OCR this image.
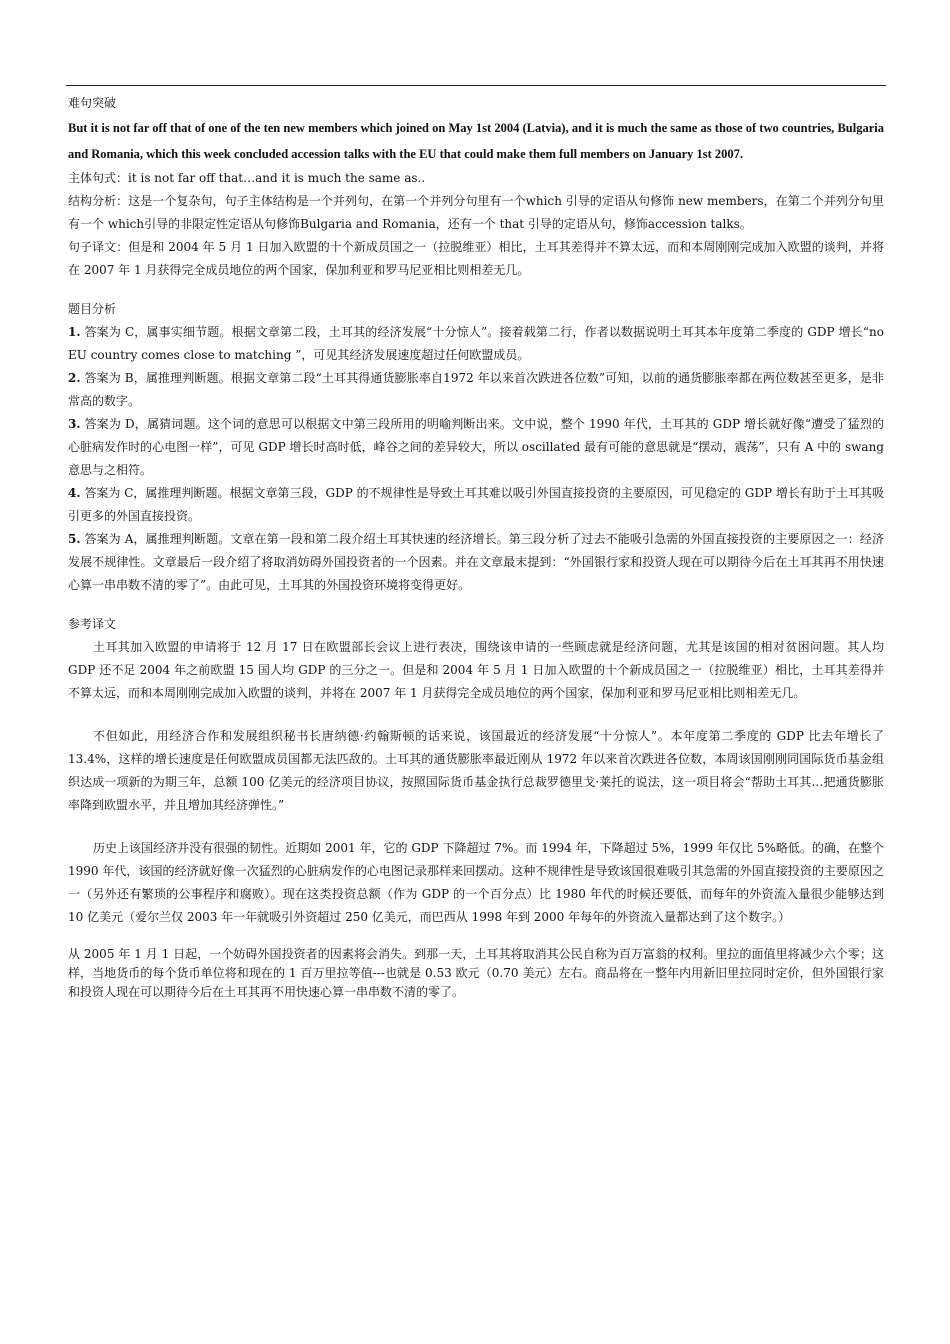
难句突破

But it is not far off that of one of the ten new members which joined on May 1st 2004 (Latvia), and it is much the same as those of two countries, Bulgaria and Romania, which this week concluded accession talks with the EU that could make them full members on January 1st 2007.

主体句式：it is not far off that…and it is much the same as..

结构分析：这是一个复杂句，句子主体结构是一个并列句，在第一个并列分句里有一个which 引导的定语从句修饰 new members，在第二个并列分句里有一个 which引导的非限定性定语从句修饰Bulgaria and Romania，还有一个 that 引导的定语从句，修饰accession talks。

句子译文：但是和 2004 年 5 月 1 日加入欧盟的十个新成员国之一（拉脱维亚）相比，土耳其差得并不算太远，而和本周刚刚完成加入欧盟的谈判，并将在 2007 年 1 月获得完全成员地位的两个国家，保加利亚和罗马尼亚相比则相差无几。

题目分析

1. 答案为 C，属事实细节题。根据文章第二段，土耳其的经济发展“十分惊人”。接着载第二行，作者以数据说明土耳其本年度第二季度的 GDP 增长“no EU country comes close to matching ”，可见其经济发展速度超过任何欧盟成员。

2. 答案为 B，属推理判断题。根据文章第二段“土耳其得通货膨胀率自1972 年以来首次跌进各位数”可知，以前的通货膨胀率都在两位数甚至更多，是非常高的数字。

3. 答案为 D，属猜词题。这个词的意思可以根据文中第三段所用的明喻判断出来。文中说，整个 1990 年代，土耳其的 GDP 增长就好像“遭受了猛烈的心脏病发作时的心电图一样”，可见 GDP 增长时高时低，峰谷之间的差异较大，所以 oscillated 最有可能的意思就是“摆动，震荡”，只有 A 中的 swang 意思与之相符。

4. 答案为 C，属推理判断题。根据文章第三段，GDP 的不规律性是导致土耳其难以吸引外国直接投资的主要原因，可见稳定的 GDP 增长有助于土耳其吸引更多的外国直接投资。

5. 答案为 A，属推理判断题。文章在第一段和第二段介绍土耳其快速的经济增长。第三段分析了过去不能吸引急需的外国直接投资的主要原因之一：经济发展不规律性。文章最后一段介绍了将取消妨碍外国投资者的一个因素。并在文章最末提到：“外国银行家和投资人现在可以期待今后在土耳其再不用快速心算一串串数不清的零了”。由此可见，土耳其的外国投资环境将变得更好。

参考译文

土耳其加入欧盟的申请将于 12 月 17 日在欧盟部长会议上进行表决，围绕该申请的一些顾虑就是经济问题，尤其是该国的相对贫困问题。其人均 GDP 还不足 2004 年之前欧盟 15 国人均 GDP 的三分之一。但是和 2004 年 5 月 1 日加入欧盟的十个新成员国之一（拉脱维亚）相比，土耳其差得并不算太远，而和本周刚刚完成加入欧盟的谈判，并将在 2007 年 1 月获得完全成员地位的两个国家，保加利亚和罗马尼亚相比则相差无几。

不但如此，用经济合作和发展组织秘书长唐纳德·约翰斯顿的话来说，该国最近的经济发展“十分惊人”。本年度第二季度的 GDP 比去年增长了 13.4%，这样的增长速度是任何欧盟成员国都无法匹敌的。土耳其的通货膨胀率最近刚从 1972 年以来首次跌进各位数，本周该国刚刚同国际货币基金组织达成一项新的为期三年，总额 100 亿美元的经济项目协议，按照国际货币基金执行总裁罗德里戈·莱托的说法，这一项目将会“帮助土耳其…把通货膨胀率降到欧盟水平，并且增加其经济弹性。”

历史上该国经济并没有很强的韧性。近期如 2001 年，它的 GDP 下降超过 7%。而 1994 年，下降超过 5%，1999 年仅比 5%略低。的确，在整个 1990 年代，该国的经济就好像一次猛烈的心脏病发作的心电图记录那样来回摆动。这种不规律性是导致该国很难吸引其急需的外国直接投资的主要原因之一（另外还有繁琐的公事程序和腐败）。现在这类投资总额（作为 GDP 的一个百分点）比 1980 年代的时候还要低，而每年的外资流入量很少能够达到 10 亿美元（爱尔兰仅 2003 年一年就吸引外资超过 250 亿美元，而巴西从 1998 年到 2000 年每年的外资流入量都达到了这个数字。）

从 2005 年 1 月 1 日起，一个妨碍外国投资者的因素将会消失。到那一天，土耳其将取消其公民自称为百万富翁的权利。里拉的面值里将减少六个零；这样，当地货币的每个货币单位将和现在的 1 百万里拉等值---也就是 0.53 欧元（0.70 美元）左右。商品将在一整年内用新旧里拉同时定价，但外国银行家和投资人现在可以期待今后在土耳其再不用快速心算一串串数不清的零了。
